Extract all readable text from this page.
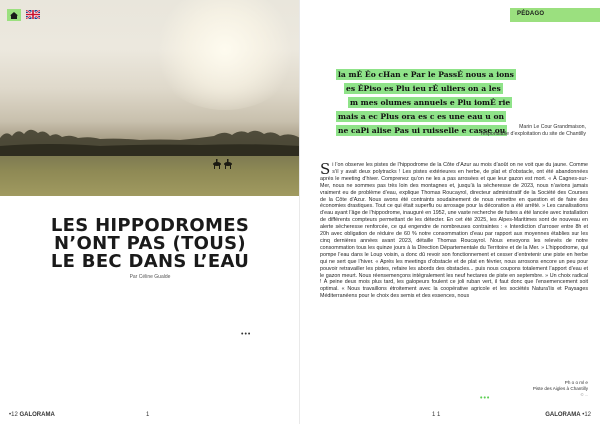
LES HIPPODROMES
N’ONT PAS (TOUS)
LE BEC DANS L’EAU
Par Céline Gualde
•••
•12 GALORAMA	1
PÉDAGO
la mÉ Éo cHan e Par le PassÉ nous a ions
es ÉPiso es Plu ieu rÉ uliers on a les
m mes olumes annuels e Plu iomÉ rie
mais a ec Plus ora es c es une eau u on
ne caPi alise Pas ui ruisselle e casse ou	Marin Le Cour Grandmaison,
responsable d’exploitation du site de Chantilly

Si l’on observe les pistes de l’hippodrome de la Côte d’Azur au mois d’août on ne voit que du jaune. Comme s’il y avait deux polytracks ! Les pistes extérieures en herbe, de plat et d’obstacle, ont été abandonnées après le meeting d’hiver. Comprenez qu’on ne les a pas arrosées et que leur gazon est mort. « À Cagnes-sur-Mer, nous ne sommes pas très loin des montagnes et, jusqu’à la sécheresse de 2023, nous n’avions jamais vraiment eu de problème d’eau, explique Thomas Roucayrol, directeur administratif de la Société des Courses de la Côte d’Azur. Nous avons été contraints soudainement de nous remettre en question et de faire des économies drastiques. Tout ce qui était superflu ou arrosage pour la décoration a été arrêté. » Les canalisations d’eau ayant l’âge de l’hippodrome, inauguré en 1952, une vaste recherche de fuites a été lancée avec installation de différents compteurs permettant de les détecter. En cet été 2025, les Alpes-Maritimes sont de nouveau en alerte sécheresse renforcée, ce qui engendre de nombreuses contraintes : « Interdiction d’arroser entre 8h et 20h avec obligation de réduire de 60 % notre consommation d’eau par rapport aux moyennes établies sur les cinq dernières années avant 2023, détaille Thomas Roucayrol. Nous envoyons les relevés de notre consommation tous les quinze jours à la Direction Départementale du Territoire et de la Mer. » L’hippodrome, qui pompe l’eau dans le Loup voisin, a donc dû revoir son fonctionnement et cesser d’entretenir une piste en herbe qui ne sert que l’hiver. « Après les meetings d’obstacle et de plat en février, nous arrosons encore un peu pour pouvoir retravailler les pistes, refaire les abords des obstacles... puis nous coupons totalement l’apport d’eau et le gazon meurt. Nous réensemençons intégralement les neuf hectares de piste en septembre. » Un choix radical ! À peine deux mois plus tard, les galopeurs foulent ce joli ruban vert, il faut donc que l’ensemencement soit optimal. « Nous travaillons étroitement avec la coopérative agricole et les sociétés Natura’lis et Paysages Méditerranéens pour le choix des semis et des essences, nous

•••
Ph o o ml e
Piste des Aigles à Chantilly
© ...
1 1	GALORAMA •12
